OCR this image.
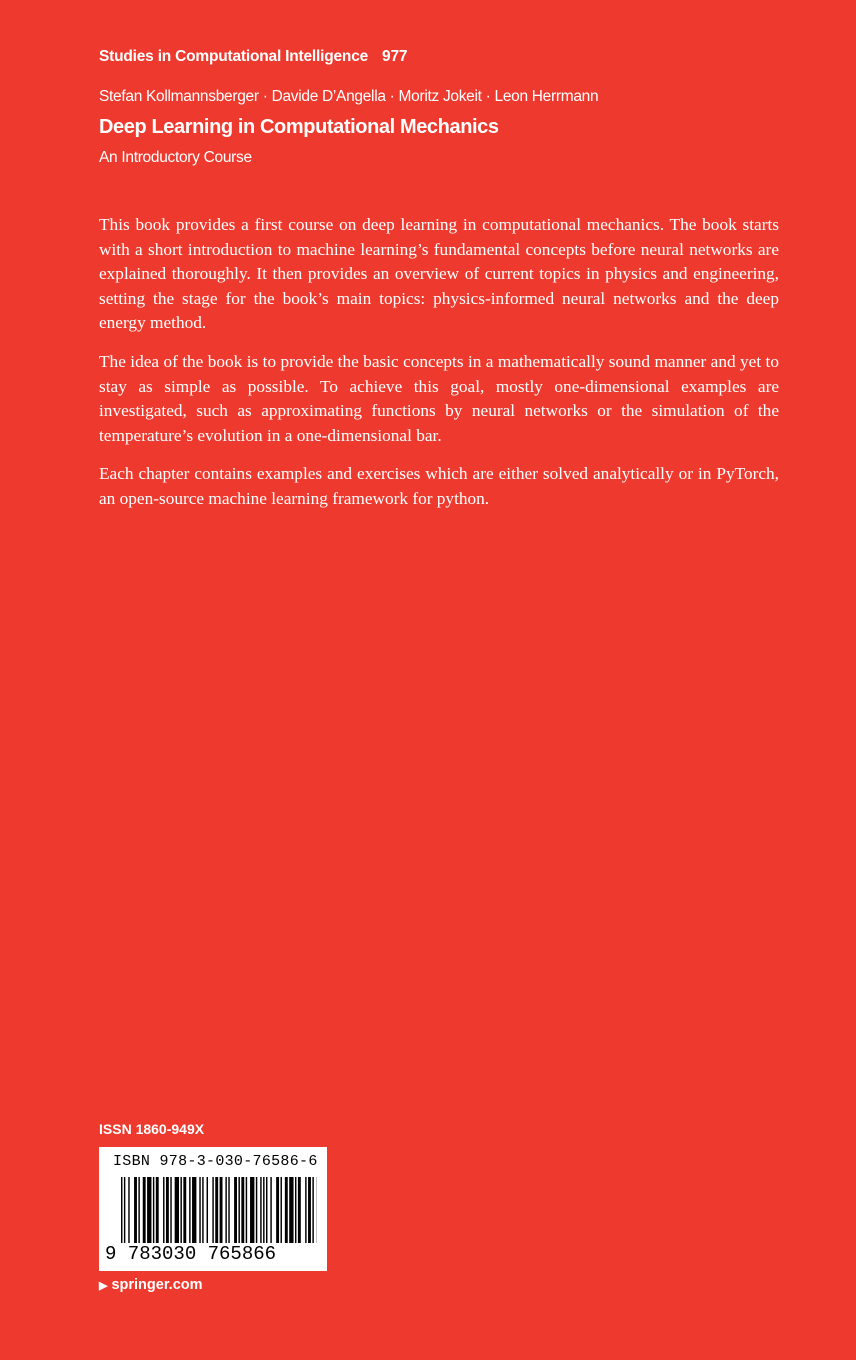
Studies in Computational Intelligence 977
Stefan Kollmannsberger · Davide D’Angella · Moritz Jokeit · Leon Herrmann
Deep Learning in Computational Mechanics
An Introductory Course

This book provides a first course on deep learning in computational mechanics. The book starts with a short introduction to machine learning’s fundamental concepts before neural networks are explained thoroughly. It then provides an overview of current topics in physics and engineering, setting the stage for the book’s main topics: physics-informed neural networks and the deep energy method.

The idea of the book is to provide the basic concepts in a mathematically sound manner and yet to stay as simple as possible. To achieve this goal, mostly one-dimensional examples are investigated, such as approximating functions by neural networks or the simulation of the temperature’s evolution in a one-dimensional bar.

Each chapter contains examples and exercises which are either solved analytically or in PyTorch, an open-source machine learning framework for python.

ISSN 1860-949X
ISBN 978-3-030-76586-6
9 783030 765866
▶ springer.com
